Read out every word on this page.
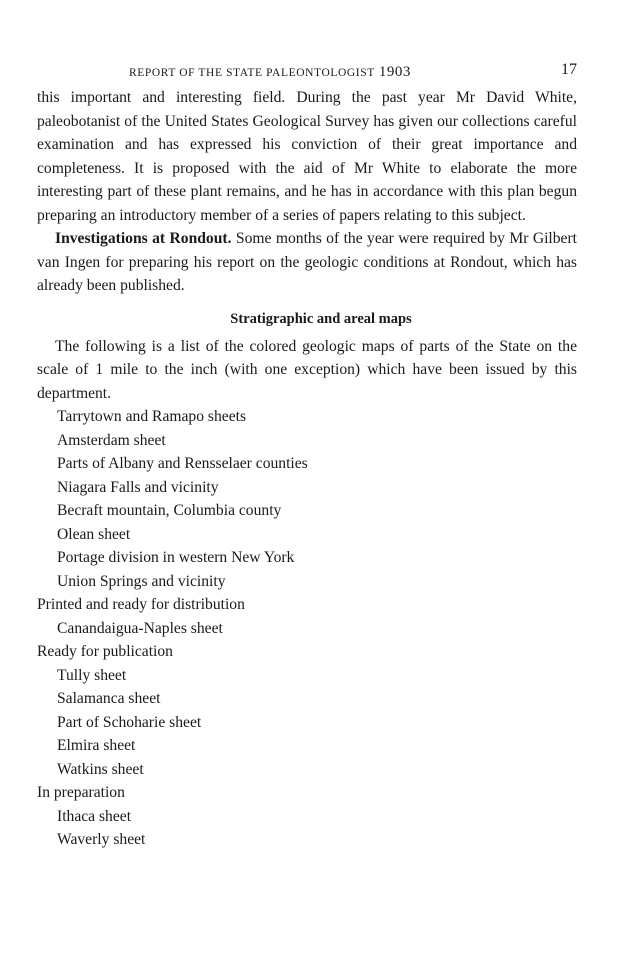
REPORT OF THE STATE PALEONTOLOGIST 1903	17

this important and interesting field. During the past year Mr David White, paleobotanist of the United States Geological Survey has given our collections careful examination and has expressed his conviction of their great importance and completeness. It is proposed with the aid of Mr White to elaborate the more interesting part of these plant remains, and he has in accordance with this plan begun preparing an introductory member of a series of papers relating to this subject.

Investigations at Rondout. Some months of the year were required by Mr Gilbert van Ingen for preparing his report on the geologic conditions at Rondout, which has already been published.

Stratigraphic and areal maps

The following is a list of the colored geologic maps of parts of the State on the scale of 1 mile to the inch (with one exception) which have been issued by this department.

Tarrytown and Ramapo sheets
Amsterdam sheet
Parts of Albany and Rensselaer counties
Niagara Falls and vicinity
Becraft mountain, Columbia county
Olean sheet
Portage division in western New York
Union Springs and vicinity
Printed and ready for distribution
Canandaigua-Naples sheet
Ready for publication
Tully sheet
Salamanca sheet
Part of Schoharie sheet
Elmira sheet
Watkins sheet
In preparation
Ithaca sheet
Waverly sheet
